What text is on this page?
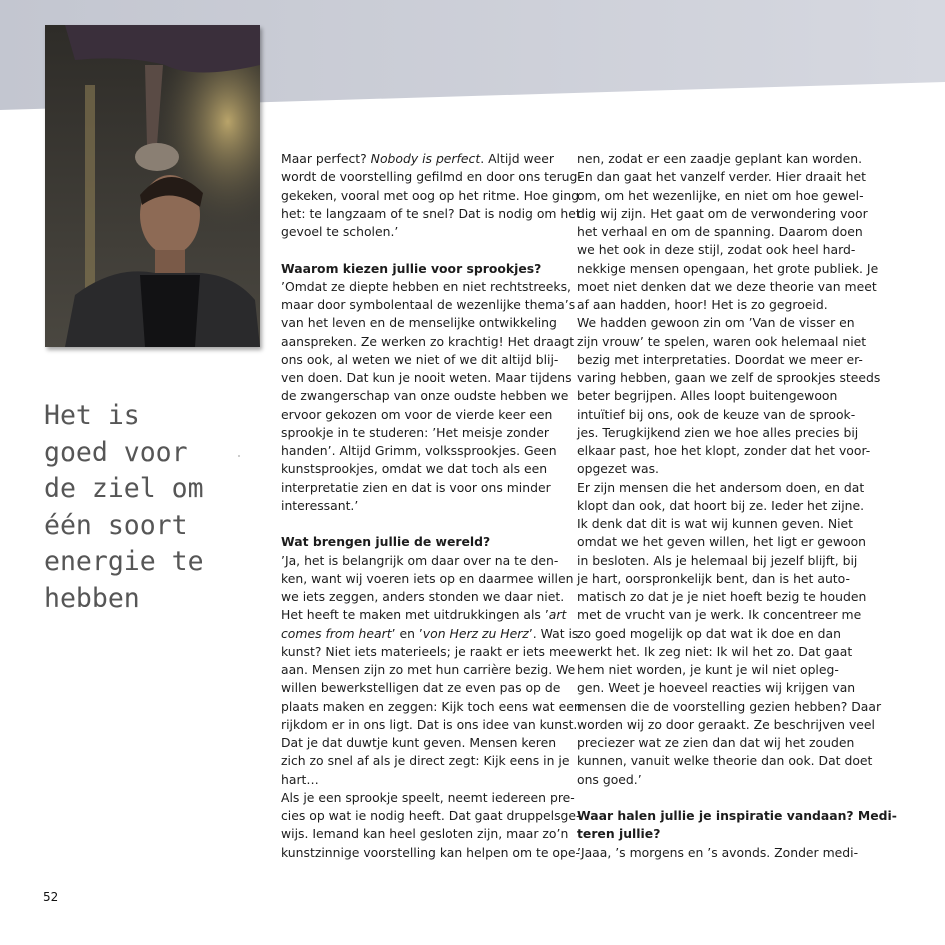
Het is
goed voor
de ziel om
één soort
energie te
hebben
Maar perfect? Nobody is perfect. Altijd weer
wordt de voorstelling gefilmd en door ons terug-
gekeken, vooral met oog op het ritme. Hoe ging
het: te langzaam of te snel? Dat is nodig om het
gevoel te scholen.’
Waarom kiezen jullie voor sprookjes?
’Omdat ze diepte hebben en niet rechtstreeks,
maar door symbolentaal de wezenlijke thema’s
van het leven en de menselijke ontwikkeling
aanspreken. Ze werken zo krachtig! Het draagt
ons ook, al weten we niet of we dit altijd blij-
ven doen. Dat kun je nooit weten. Maar tijdens
de zwangerschap van onze oudste hebben we
ervoor gekozen om voor de vierde keer een
sprookje in te studeren: ’Het meisje zonder
handen’. Altijd Grimm, volkssprookjes. Geen
kunstsprookjes, omdat we dat toch als een
interpretatie zien en dat is voor ons minder
interessant.’
Wat brengen jullie de wereld?
’Ja, het is belangrijk om daar over na te den-
ken, want wij voeren iets op en daarmee willen
we iets zeggen, anders stonden we daar niet.
Het heeft te maken met uitdrukkingen als ’art
comes from heart’ en ’von Herz zu Herz’. Wat is
kunst? Niet iets materieels; je raakt er iets mee
aan. Mensen zijn zo met hun carrière bezig. We
willen bewerkstelligen dat ze even pas op de
plaats maken en zeggen: Kijk toch eens wat een
rijkdom er in ons ligt. Dat is ons idee van kunst.
Dat je dat duwtje kunt geven. Mensen keren
zich zo snel af als je direct zegt: Kijk eens in je
hart…
Als je een sprookje speelt, neemt iedereen pre-
cies op wat ie nodig heeft. Dat gaat druppelsge-
wijs. Iemand kan heel gesloten zijn, maar zo’n
kunstzinnige voorstelling kan helpen om te ope-
nen, zodat er een zaadje geplant kan worden.
En dan gaat het vanzelf verder. Hier draait het
om, om het wezenlijke, en niet om hoe gewel-
dig wij zijn. Het gaat om de verwondering voor
het verhaal en om de spanning. Daarom doen
we het ook in deze stijl, zodat ook heel hard-
nekkige mensen opengaan, het grote publiek. Je
moet niet denken dat we deze theorie van meet
af aan hadden, hoor! Het is zo gegroeid.
We hadden gewoon zin om ’Van de visser en
zijn vrouw’ te spelen, waren ook helemaal niet
bezig met interpretaties. Doordat we meer er-
varing hebben, gaan we zelf de sprookjes steeds
beter begrijpen. Alles loopt buitengewoon
intuïtief bij ons, ook de keuze van de sprook-
jes. Terugkijkend zien we hoe alles precies bij
elkaar past, hoe het klopt, zonder dat het voor-
opgezet was.
Er zijn mensen die het andersom doen, en dat
klopt dan ook, dat hoort bij ze. Ieder het zijne.
Ik denk dat dit is wat wij kunnen geven. Niet
omdat we het geven willen, het ligt er gewoon
in besloten. Als je helemaal bij jezelf blijft, bij
je hart, oorspronkelijk bent, dan is het auto-
matisch zo dat je je niet hoeft bezig te houden
met de vrucht van je werk. Ik concentreer me
zo goed mogelijk op dat wat ik doe en dan
werkt het. Ik zeg niet: Ik wil het zo. Dat gaat
hem niet worden, je kunt je wil niet opleg-
gen. Weet je hoeveel reacties wij krijgen van
mensen die de voorstelling gezien hebben? Daar
worden wij zo door geraakt. Ze beschrijven veel
preciezer wat ze zien dan dat wij het zouden
kunnen, vanuit welke theorie dan ook. Dat doet
ons goed.’
Waar halen jullie je inspiratie vandaan? Medi-
teren jullie?
’Jaaa, ’s morgens en ’s avonds. Zonder medi-
52
